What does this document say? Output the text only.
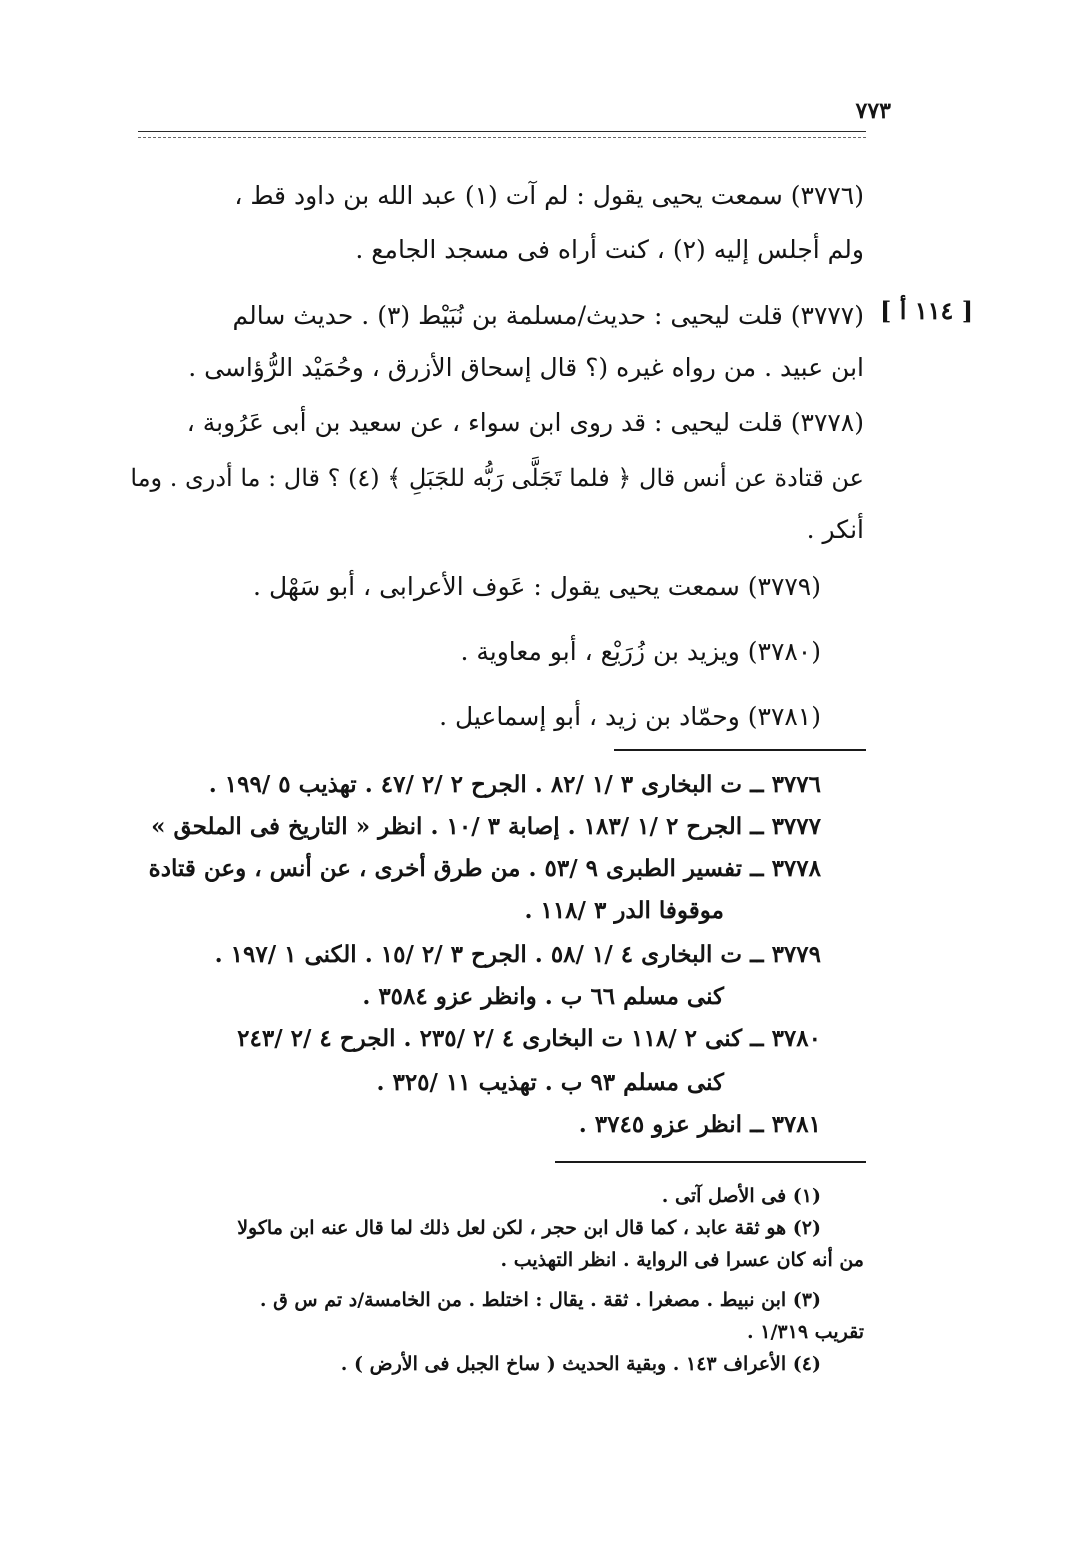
٧٧٣
[ ١١٤ أ ]
(٣٧٧٦) سمعت يحيى يقول : لم آت (١) عبد الله بن داود قط ،
ولم أجلس إليه (٢) ، كنت أراه فى مسجد الجامع .
(٣٧٧٧) قلت ليحيى : حديث/مسلمة بن نُبَيْط (٣) . حديث سالم
ابن عبيد . من رواه غيره (؟ قال إسحاق الأزرق ، وحُمَيْد الرُّؤاسى .
(٣٧٧٨) قلت ليحيى : قد روى ابن سواء ، عن سعيد بن أبى عَرُوبة ،
عن قتادة عن أنس قال ﴿ فلما تَجَلَّى رَبُّه للجَبَلِ ﴾ (٤) ؟ قال : ما أدرى . وما
أنكر .
(٣٧٧٩) سمعت يحيى يقول : عَوف الأعرابى ، أبو سَهْل .
(٣٧٨٠) ويزيد بن زُرَيْع ، أبو معاوية .
(٣٧٨١) وحمّاد بن زيد ، أبو إسماعيل .
٣٧٧٦ ــ ت البخارى ٣ /١ /٨٢ . الجرح ٢ /٢ /٤٧ . تهذيب ٥ /١٩٩ .
٣٧٧٧ ــ الجرح ٢ /١ /١٨٣ . إصابة ٣ /١٠ . انظر « التاريخ فى الملحق »
٣٧٧٨ ــ تفسير الطبرى ٩ /٥٣ . من طرق أخرى ، عن أنس ، وعن قتادة
موقوفا الدر ٣ /١١٨ .
٣٧٧٩ ــ ت البخارى ٤ /١ /٥٨ . الجرح ٣ /٢ /١٥ . الكنى ١ /١٩٧ .
كنى مسلم ٦٦ ب . وانظر عزو ٣٥٨٤ .
٣٧٨٠ ــ كنى ٢ /١١٨ ت البخارى ٤ /٢ /٢٣٥ . الجرح ٤ /٢ /٢٤٣
كنى مسلم ٩٣ ب . تهذيب ١١ /٣٢٥ .
٣٧٨١ ــ انظر عزو ٣٧٤٥ .
(١) فى الأصل آتى .
(٢) هو ثقة عابد ، كما قال ابن حجر ، لكن لعل ذلك لما قال عنه ابن ماكولا
من أنه كان عسرا فى الرواية . انظر التهذيب .
(٣) ابن نبيط . مصغرا . ثقة . يقال : اختلط . من الخامسة/د تم س ق .
تقريب ١/٣١٩ .
(٤) الأعراف ١٤٣ . وبقية الحديث ( ساخ الجبل فى الأرض ) .
